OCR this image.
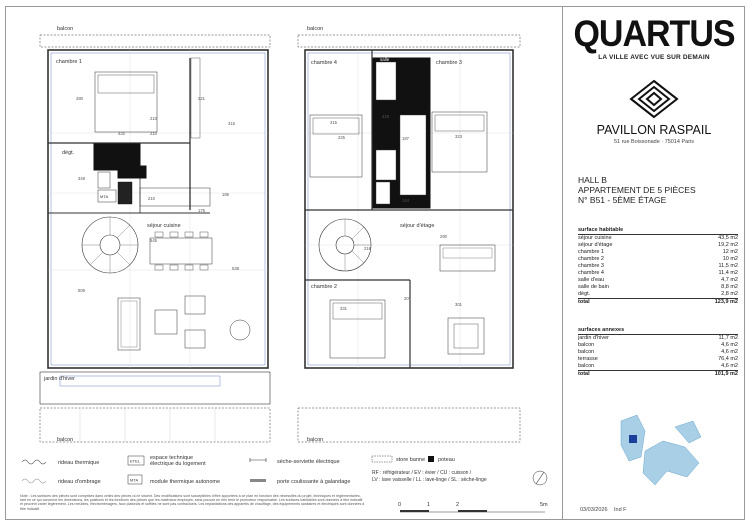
280
432
210
210
221
315
349
210
185
545
509
538
175
225
315
418
187	323
144
290
216
331
301
207
balcon
chambre 1
dégt.
séjour cuisine
jardin d'hiver
balcon
balcon
chambre 4	chambre 3
salle
séjour d'étage
chambre 2
balcon
MTA
rideau thermique	ETEL espace technique électrique du logement	sèche-serviette électrique	store banne poteau
rideau d'ombrage	MTA module thermique autonome	porte coulissante à galandage
RF : réfrigérateur / EV : évier / CU : cuisson /
LV : lave vaisselle / LL : lave-linge / SL : sèche-linge
0	1	2	5m
Note : Les surfaces des pièces sont comprises dans celles des pièces où le situent. Des modifications sont susceptibles d'être apportées à ce plan en fonction des nécessités du projet, techniques et réglementaires, tant en ce qui concerne les dimensions, les positions et les fonctions des pièces que les matériaux employés, sans pouvoir en rien tenir le promoteur responsable. Les surfaces habitables sont données à titre indicatif et peuvent varier légèrement. Les meubles, électroménagers, faux plafonds et soffites ne sont pas contractuels. Les implantations des appareils de chauffage, des équipements sanitaires et électriques sont données à titre indicatif.
QUARTUS
LA VILLE AVEC VUE SUR DEMAIN
PAVILLON RASPAIL
51 rue Boissonade · 75014 Paris
HALL B
APPARTEMENT DE 5 PIÈCES
N° B51 - 5ÈME ÉTAGE
surface habitable	
séjour cuisine	43,5 m2
séjour d'étage	19,2 m2
chambre 1	12 m2
chambre 2	10 m2
chambre 3	11,5 m2
chambre 4	11,4 m2
salle d'eau	4,7 m2
salle de bain	8,8 m2
dégt.	2,8 m2
total	123,9 m2
surfaces annexes	
jardin d'hiver	11,7 m2
balcon	4,6 m2
balcon	4,6 m2
terrasse	76,4 m2
balcon	4,6 m2
total	101,9 m2
03/03/2026 Ind F
